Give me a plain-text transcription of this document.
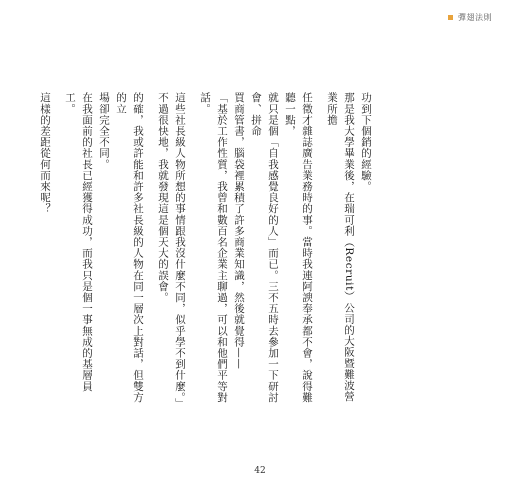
彈翅法則

功到下個銷的經驗。

那是我大學畢業後，在瑞可利（Recruit）公司的大阪暨難波營業所擔

任徵才雜誌廣告業務時的事。當時我連阿諛奉承都不會，說得難聽一點，

就只是個「自我感覺良好的人」而已。三不五時去參加一下研討會、拼命

買商管書，腦袋裡累積了許多商業知識，然後就覺得——

「基於工作性質，我曾和數百名企業主聊過，可以和他們平等對話。

這些社長級人物所想的事情跟我沒什麼不同，似乎學不到什麼。」

不過很快地，我就發現這是個天大的誤會。

的確，我或許能和許多社長級的人物在同一層次上對話，但雙方的立

場卻完全不同。

在我面前的社長已經獲得成功，而我只是個一事無成的基層員工。

這樣的差距從何而來呢？

42
